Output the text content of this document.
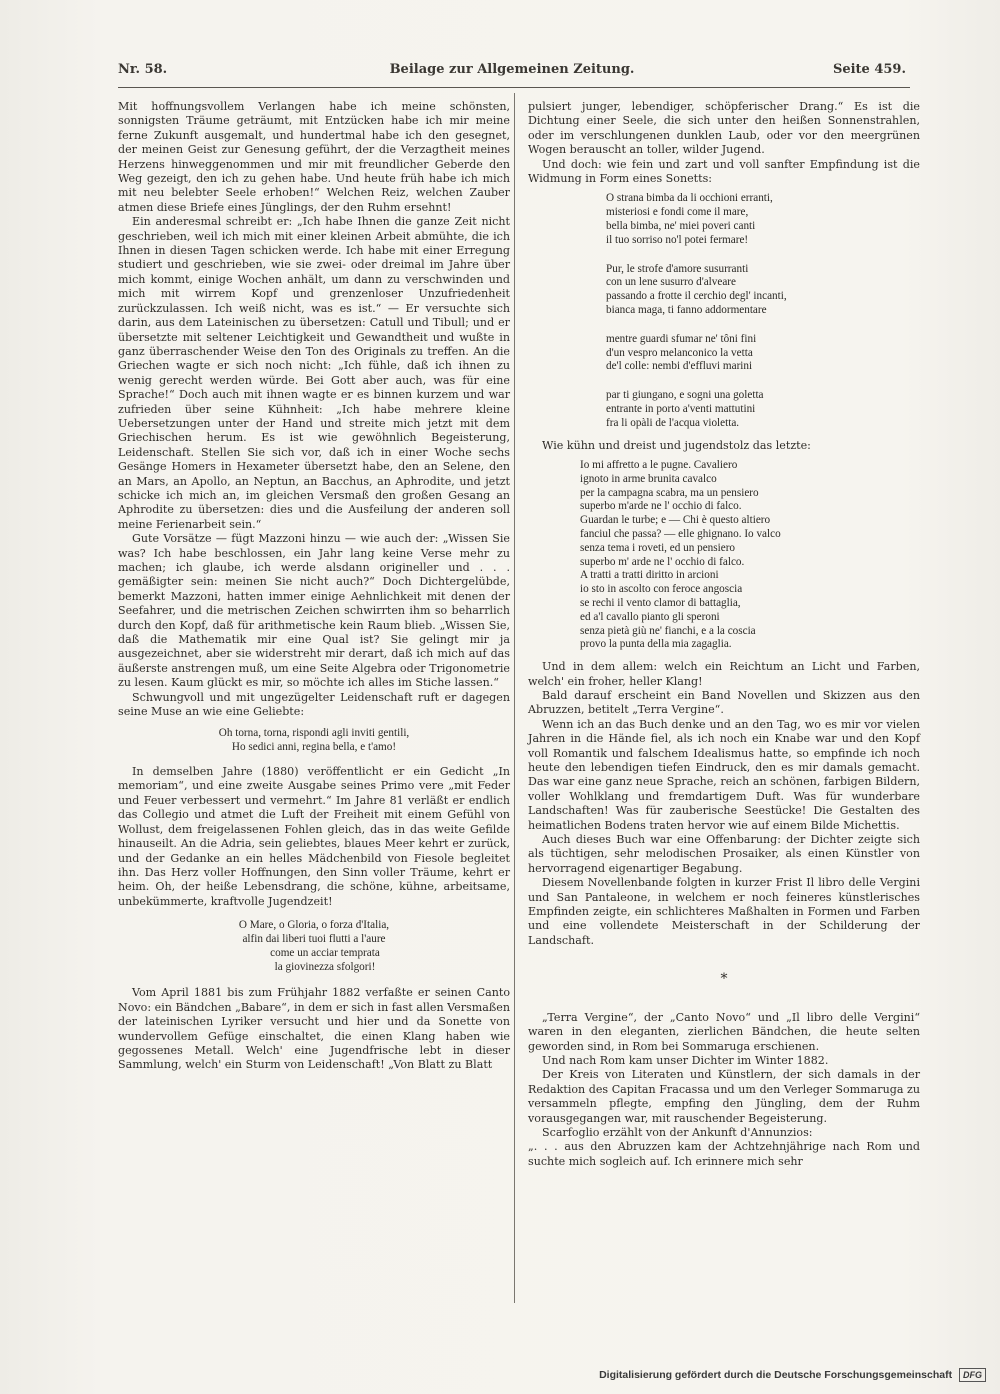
Nr. 58.	Beilage zur Allgemeinen Zeitung.	Seite 459.

Mit hoffnungsvollem Verlangen habe ich meine schönsten, sonnigsten Träume geträumt, mit Entzücken habe ich mir meine ferne Zukunft ausgemalt, und hundertmal habe ich den gesegnet, der meinen Geist zur Genesung geführt, der die Verzagtheit meines Herzens hinweggenommen und mir mit freundlicher Geberde den Weg gezeigt, den ich zu gehen habe. Und heute früh habe ich mich mit neu belebter Seele erhoben!“ Welchen Reiz, welchen Zauber atmen diese Briefe eines Jünglings, der den Ruhm ersehnt!

Ein anderesmal schreibt er: „Ich habe Ihnen die ganze Zeit nicht geschrieben, weil ich mich mit einer kleinen Arbeit abmühte, die ich Ihnen in diesen Tagen schicken werde. Ich habe mit einer Erregung studiert und geschrieben, wie sie zwei- oder dreimal im Jahre über mich kommt, einige Wochen anhält, um dann zu verschwinden und mich mit wirrem Kopf und grenzenloser Unzufriedenheit zurückzulassen. Ich weiß nicht, was es ist.“ — Er versuchte sich darin, aus dem Lateinischen zu übersetzen: Catull und Tibull; und er übersetzte mit seltener Leichtigkeit und Gewandtheit und wußte in ganz überraschender Weise den Ton des Originals zu treffen. An die Griechen wagte er sich noch nicht: „Ich fühle, daß ich ihnen zu wenig gerecht werden würde. Bei Gott aber auch, was für eine Sprache!“ Doch auch mit ihnen wagte er es binnen kurzem und war zufrieden über seine Kühnheit: „Ich habe mehrere kleine Uebersetzungen unter der Hand und streite mich jetzt mit dem Griechischen herum. Es ist wie gewöhnlich Begeisterung, Leidenschaft. Stellen Sie sich vor, daß ich in einer Woche sechs Gesänge Homers in Hexameter übersetzt habe, den an Selene, den an Mars, an Apollo, an Neptun, an Bacchus, an Aphrodite, und jetzt schicke ich mich an, im gleichen Versmaß den großen Gesang an Aphrodite zu übersetzen: dies und die Ausfeilung der anderen soll meine Ferienarbeit sein.“

Gute Vorsätze — fügt Mazzoni hinzu — wie auch der: „Wissen Sie was? Ich habe beschlossen, ein Jahr lang keine Verse mehr zu machen; ich glaube, ich werde alsdann origineller und . . . gemäßigter sein: meinen Sie nicht auch?“ Doch Dichtergelübde, bemerkt Mazzoni, hatten immer einige Aehnlichkeit mit denen der Seefahrer, und die metrischen Zeichen schwirrten ihm so beharrlich durch den Kopf, daß für arithmetische kein Raum blieb. „Wissen Sie, daß die Mathematik mir eine Qual ist? Sie gelingt mir ja ausgezeichnet, aber sie widerstreht mir derart, daß ich mich auf das äußerste anstrengen muß, um eine Seite Algebra oder Trigonometrie zu lesen. Kaum glückt es mir, so möchte ich alles im Stiche lassen.“

Schwungvoll und mit ungezügelter Leidenschaft ruft er dagegen seine Muse an wie eine Geliebte:

Oh torna, torna, rispondi agli inviti gentili,
Ho sedici anni, regina bella, e t'amo!

In demselben Jahre (1880) veröffentlicht er ein Gedicht „In memoriam“, und eine zweite Ausgabe seines Primo vere „mit Feder und Feuer verbessert und vermehrt.“ Im Jahre 81 verläßt er endlich das Collegio und atmet die Luft der Freiheit mit einem Gefühl von Wollust, dem freigelassenen Fohlen gleich, das in das weite Gefilde hinauseilt. An die Adria, sein geliebtes, blaues Meer kehrt er zurück, und der Gedanke an ein helles Mädchenbild von Fiesole begleitet ihn. Das Herz voller Hoffnungen, den Sinn voller Träume, kehrt er heim. Oh, der heiße Lebensdrang, die schöne, kühne, arbeitsame, unbekümmerte, kraftvolle Jugendzeit!

O Mare, o Gloria, o forza d'Italia,
alfin dai liberi tuoi flutti a l'aure
come un acciar temprata
la giovinezza sfolgori!

Vom April 1881 bis zum Frühjahr 1882 verfaßte er seinen Canto Novo: ein Bändchen „Babare“, in dem er sich in fast allen Versmaßen der lateinischen Lyriker versucht und hier und da Sonette von wundervollem Gefüge einschaltet, die einen Klang haben wie gegossenes Metall. Welch' eine Jugendfrische lebt in dieser Sammlung, welch' ein Sturm von Leidenschaft! „Von Blatt zu Blatt

pulsiert junger, lebendiger, schöpferischer Drang.“ Es ist die Dichtung einer Seele, die sich unter den heißen Sonnenstrahlen, oder im verschlungenen dunklen Laub, oder vor den meergrünen Wogen berauscht an toller, wilder Jugend.

Und doch: wie fein und zart und voll sanfter Empfindung ist die Widmung in Form eines Sonetts:

O strana bimba da li occhioni erranti,
misteriosi e fondi come il mare,
bella bimba, ne' miei poveri canti
il tuo sorriso no'l potei fermare!
Pur, le strofe d'amore susurranti
con un lene susurro d'alveare
passando a frotte il cerchio degl' incanti,
bianca maga, ti fanno addormentare
mentre guardi sfumar ne' tôni fini
d'un vespro melanconico la vetta
de'l colle: nembi d'effluvi marini
par ti giungano, e sogni una goletta
entrante in porto a'venti mattutini
fra li opàli de l'acqua violetta.

Wie kühn und dreist und jugendstolz das letzte:

Io mi affretto a le pugne. Cavaliero
ignoto in arme brunita cavalco
per la campagna scabra, ma un pensiero
superbo m'arde ne l' occhio di falco.
Guardan le turbe; e — Chi è questo altiero
fanciul che passa? — elle ghignano. Io valco
senza tema i roveti, ed un pensiero
superbo m' arde ne l' occhio di falco.
A tratti a tratti diritto in arcioni
io sto in ascolto con feroce angoscia
se rechi il vento clamor di battaglia,
ed a'l cavallo pianto gli speroni
senza pietà giù ne' fianchi, e a la coscia
provo la punta della mia zagaglia.

Und in dem allem: welch ein Reichtum an Licht und Farben, welch' ein froher, heller Klang!

Bald darauf erscheint ein Band Novellen und Skizzen aus den Abruzzen, betitelt „Terra Vergine“.

Wenn ich an das Buch denke und an den Tag, wo es mir vor vielen Jahren in die Hände fiel, als ich noch ein Knabe war und den Kopf voll Romantik und falschem Idealismus hatte, so empfinde ich noch heute den lebendigen tiefen Eindruck, den es mir damals gemacht. Das war eine ganz neue Sprache, reich an schönen, farbigen Bildern, voller Wohlklang und fremdartigem Duft. Was für wunderbare Landschaften! Was für zauberische Seestücke! Die Gestalten des heimatlichen Bodens traten hervor wie auf einem Bilde Michettis.

Auch dieses Buch war eine Offenbarung: der Dichter zeigte sich als tüchtigen, sehr melodischen Prosaiker, als einen Künstler von hervorragend eigenartiger Begabung.

Diesem Novellenbande folgten in kurzer Frist Il libro delle Vergini und San Pantaleone, in welchem er noch feineres künstlerisches Empfinden zeigte, ein schlichteres Maßhalten in Formen und Farben und eine vollendete Meisterschaft in der Schilderung der Landschaft.

*

„Terra Vergine“, der „Canto Novo“ und „Il libro delle Vergini“ waren in den eleganten, zierlichen Bändchen, die heute selten geworden sind, in Rom bei Sommaruga erschienen.

Und nach Rom kam unser Dichter im Winter 1882.

Der Kreis von Literaten und Künstlern, der sich damals in der Redaktion des Capitan Fracassa und um den Verleger Sommaruga zu versammeln pflegte, empfing den Jüngling, dem der Ruhm vorausgegangen war, mit rauschender Begeisterung.

Scarfoglio erzählt von der Ankunft d'Annunzios:

„. . . aus den Abruzzen kam der Achtzehnjährige nach Rom und suchte mich sogleich auf. Ich erinnere mich sehr

Digitalisierung gefördert durch die Deutsche Forschungsgemeinschaft DFG
